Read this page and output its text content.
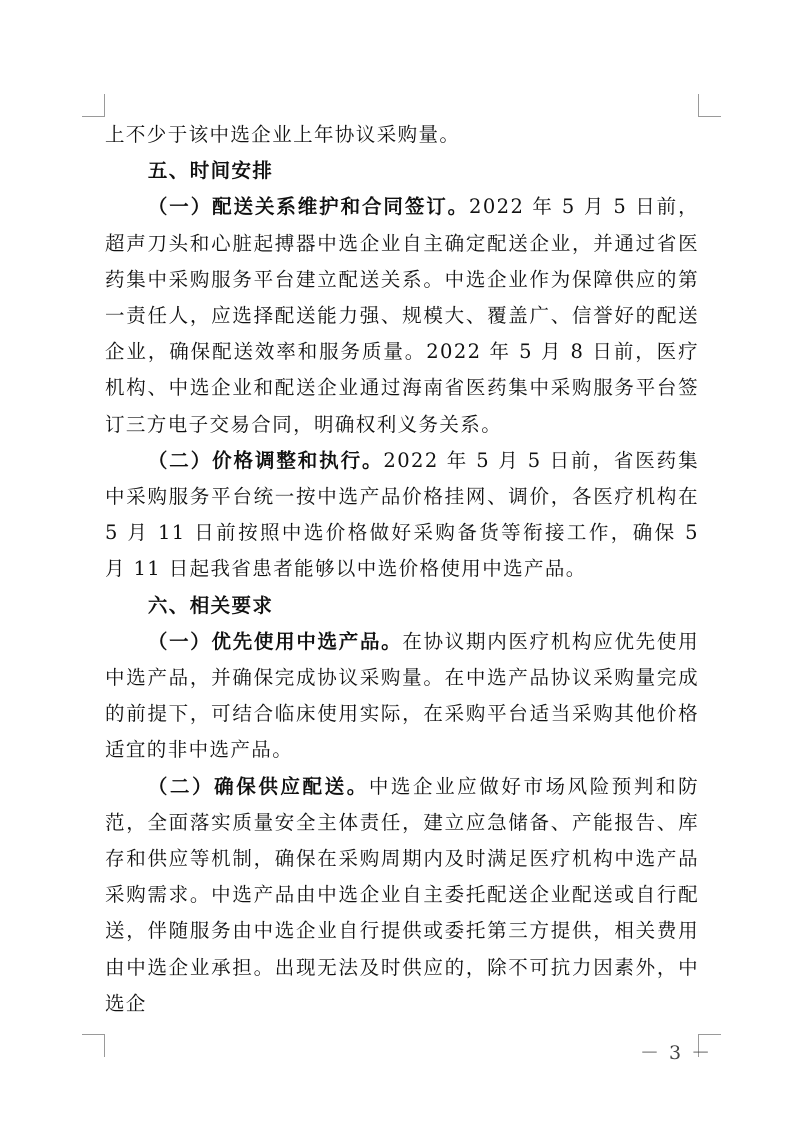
上不少于该中选企业上年协议采购量。

五、时间安排

（一）配送关系维护和合同签订。2022 年 5 月 5 日前，超声刀头和心脏起搏器中选企业自主确定配送企业，并通过省医药集中采购服务平台建立配送关系。中选企业作为保障供应的第一责任人，应选择配送能力强、规模大、覆盖广、信誉好的配送企业，确保配送效率和服务质量。2022 年 5 月 8 日前，医疗机构、中选企业和配送企业通过海南省医药集中采购服务平台签订三方电子交易合同，明确权利义务关系。

（二）价格调整和执行。2022 年 5 月 5 日前，省医药集中采购服务平台统一按中选产品价格挂网、调价，各医疗机构在 5 月 11 日前按照中选价格做好采购备货等衔接工作，确保 5 月 11 日起我省患者能够以中选价格使用中选产品。

六、相关要求

（一）优先使用中选产品。在协议期内医疗机构应优先使用中选产品，并确保完成协议采购量。在中选产品协议采购量完成的前提下，可结合临床使用实际，在采购平台适当采购其他价格适宜的非中选产品。

（二）确保供应配送。中选企业应做好市场风险预判和防范，全面落实质量安全主体责任，建立应急储备、产能报告、库存和供应等机制，确保在采购周期内及时满足医疗机构中选产品采购需求。中选产品由中选企业自主委托配送企业配送或自行配送，伴随服务由中选企业自行提供或委托第三方提供，相关费用由中选企业承担。出现无法及时供应的，除不可抗力因素外，中选企

－ 3 －
